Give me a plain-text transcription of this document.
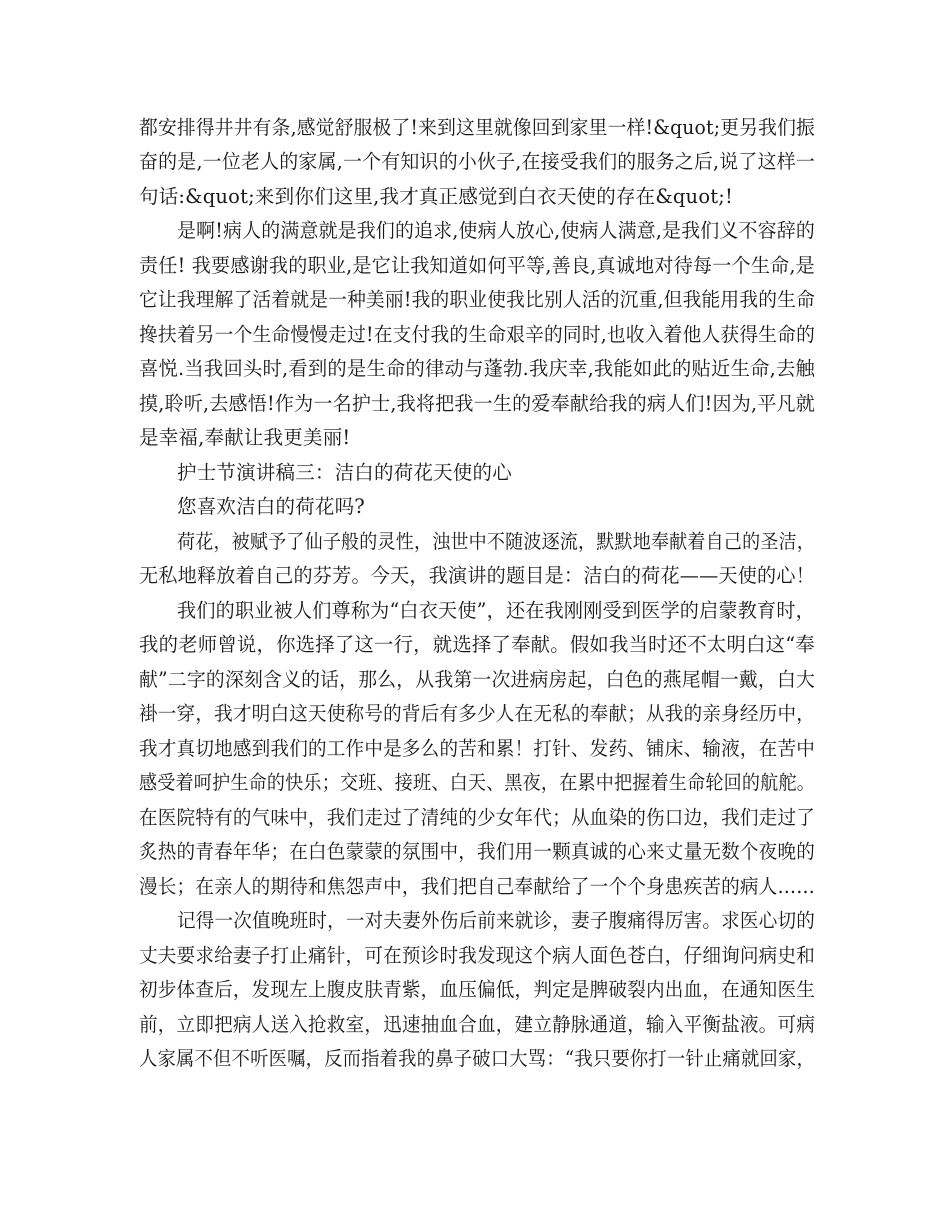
都安排得井井有条,感觉舒服极了!来到这里就像回到家里一样!&quot;更另我们振
奋的是,一位老人的家属,一个有知识的小伙子,在接受我们的服务之后,说了这样一
句话:&quot;来到你们这里,我才真正感觉到白衣天使的存在&quot;!
是啊!病人的满意就是我们的追求,使病人放心,使病人满意,是我们义不容辞的
责任! 我要感谢我的职业,是它让我知道如何平等,善良,真诚地对待每一个生命,是
它让我理解了活着就是一种美丽!我的职业使我比别人活的沉重,但我能用我的生命
搀扶着另一个生命慢慢走过!在支付我的生命艰辛的同时,也收入着他人获得生命的
喜悦.当我回头时,看到的是生命的律动与蓬勃.我庆幸,我能如此的贴近生命,去触
摸,聆听,去感悟!作为一名护士,我将把我一生的爱奉献给我的病人们!因为,平凡就
是幸福,奉献让我更美丽!
护士节演讲稿三：洁白的荷花天使的心
您喜欢洁白的荷花吗?
荷花，被赋予了仙子般的灵性，浊世中不随波逐流，默默地奉献着自己的圣洁，
无私地释放着自己的芬芳。今天，我演讲的题目是：洁白的荷花——天使的心！
我们的职业被人们尊称为“白衣天使”，还在我刚刚受到医学的启蒙教育时，
我的老师曾说，你选择了这一行，就选择了奉献。假如我当时还不太明白这“奉
献”二字的深刻含义的话，那么，从我第一次进病房起，白色的燕尾帽一戴，白大
褂一穿，我才明白这天使称号的背后有多少人在无私的奉献；从我的亲身经历中，
我才真切地感到我们的工作中是多么的苦和累！打针、发药、铺床、输液，在苦中
感受着呵护生命的快乐；交班、接班、白天、黑夜，在累中把握着生命轮回的航舵。
在医院特有的气味中，我们走过了清纯的少女年代；从血染的伤口边，我们走过了
炙热的青春年华；在白色蒙蒙的氛围中，我们用一颗真诚的心来丈量无数个夜晚的
漫长；在亲人的期待和焦怨声中，我们把自己奉献给了一个个身患疾苦的病人……
记得一次值晚班时，一对夫妻外伤后前来就诊，妻子腹痛得厉害。求医心切的
丈夫要求给妻子打止痛针，可在预诊时我发现这个病人面色苍白，仔细询问病史和
初步体查后，发现左上腹皮肤青紫，血压偏低，判定是脾破裂内出血，在通知医生
前，立即把病人送入抢救室，迅速抽血合血，建立静脉通道，输入平衡盐液。可病
人家属不但不听医嘱，反而指着我的鼻子破口大骂：“我只要你打一针止痛就回家，
